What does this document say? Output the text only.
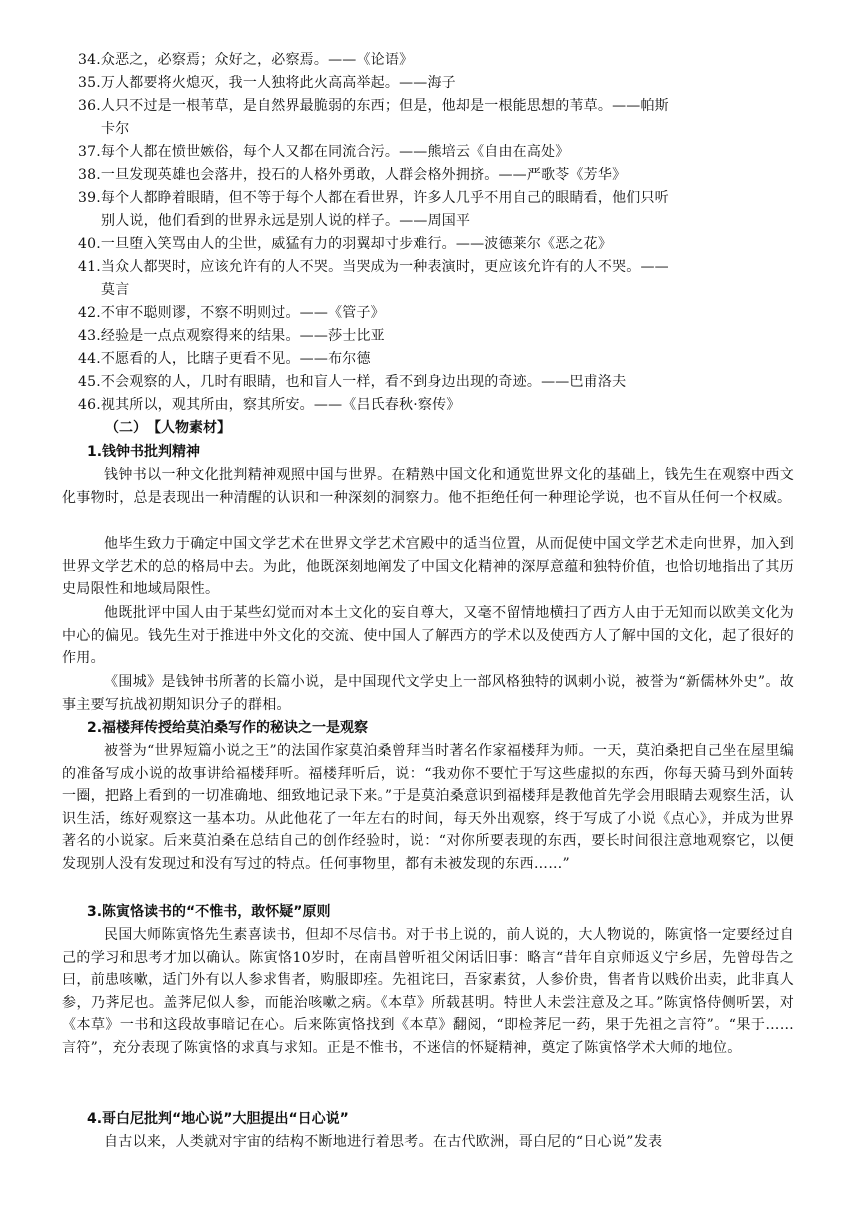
34.众恶之，必察焉；众好之，必察焉。——《论语》
35.万人都要将火熄灭，我一人独将此火高高举起。——海子
36.人只不过是一根苇草，是自然界最脆弱的东西；但是，他却是一根能思想的苇草。——帕斯
卡尔
37.每个人都在愤世嫉俗，每个人又都在同流合污。——熊培云《自由在高处》
38.一旦发现英雄也会落井，投石的人格外勇敢，人群会格外拥挤。——严歌苓《芳华》
39.每个人都睁着眼睛，但不等于每个人都在看世界，许多人几乎不用自己的眼睛看，他们只听
别人说，他们看到的世界永远是别人说的样子。——周国平
40.一旦堕入笑骂由人的尘世，威猛有力的羽翼却寸步难行。——波德莱尔《恶之花》
41.当众人都哭时，应该允许有的人不哭。当哭成为一种表演时，更应该允许有的人不哭。——
莫言
42.不审不聪则谬，不察不明则过。——《管子》
43.经验是一点点观察得来的结果。——莎士比亚
44.不愿看的人，比瞎子更看不见。——布尔德
45.不会观察的人，几时有眼睛，也和盲人一样，看不到身边出现的奇迹。——巴甫洛夫
46.视其所以，观其所由，察其所安。——《吕氏春秋·察传》
（二）　【人物素材】
1.钱钟书批判精神
钱钟书以一种文化批判精神观照中国与世界。在精熟中国文化和通览世界文化的基础上，钱先生在观察中西文化事物时，总是表现出一种清醒的认识和一种深刻的洞察力。他不拒绝任何一种理论学说，也不盲从任何一个权威。
他毕生致力于确定中国文学艺术在世界文学艺术宫殿中的适当位置，从而促使中国文学艺术走向世界，加入到世界文学艺术的总的格局中去。为此，他既深刻地阐发了中国文化精神的深厚意蕴和独特价值，也恰切地指出了其历史局限性和地域局限性。
他既批评中国人由于某些幻觉而对本土文化的妄自尊大，又毫不留情地横扫了西方人由于无知而以欧美文化为中心的偏见。钱先生对于推进中外文化的交流、使中国人了解西方的学术以及使西方人了解中国的文化，起了很好的作用。
《围城》是钱钟书所著的长篇小说，是中国现代文学史上一部风格独特的讽刺小说，被誉为“新儒林外史”。故事主要写抗战初期知识分子的群相。
2.福楼拜传授给莫泊桑写作的秘诀之一是观察
被誉为“世界短篇小说之王”的法国作家莫泊桑曾拜当时著名作家福楼拜为师。一天，莫泊桑把自己坐在屋里编的准备写成小说的故事讲给福楼拜听。福楼拜听后，说：“我劝你不要忙于写这些虚拟的东西，你每天骑马到外面转一圈，把路上看到的一切准确地、细致地记录下来。”于是莫泊桑意识到福楼拜是教他首先学会用眼睛去观察生活，认识生活，练好观察这一基本功。从此他花了一年左右的时间，每天外出观察，终于写成了小说《点心》，并成为世界著名的小说家。后来莫泊桑在总结自己的创作经验时，说：“对你所要表现的东西，要长时间很注意地观察它，以便发现别人没有发现过和没有写过的特点。任何事物里，都有未被发现的东西……”
3.陈寅恪读书的“不惟书，敢怀疑”原则
民国大师陈寅恪先生素喜读书，但却不尽信书。对于书上说的，前人说的，大人物说的，陈寅恪一定要经过自己的学习和思考才加以确认。陈寅恪10岁时，在南昌曾听祖父闲话旧事：略言“昔年自京师返义宁乡居，先曾母告之曰，前患咳嗽，适门外有以人参求售者，购服即痊。先祖诧曰，吾家素贫，人参价贵，售者肯以贱价出卖，此非真人参，乃荠尼也。盖荠尼似人参，而能治咳嗽之病。《本草》所载甚明。特世人未尝注意及之耳。”陈寅恪侍侧听罢，对《本草》一书和这段故事暗记在心。后来陈寅恪找到《本草》翻阅，“即检荠尼一药，果于先祖之言符”。“果于……言符”，充分表现了陈寅恪的求真与求知。正是不惟书，不迷信的怀疑精神，奠定了陈寅恪学术大师的地位。
4.哥白尼批判“地心说”大胆提出“日心说”
自古以来，人类就对宇宙的结构不断地进行着思考。在古代欧洲，哥白尼的“日心说”发表
